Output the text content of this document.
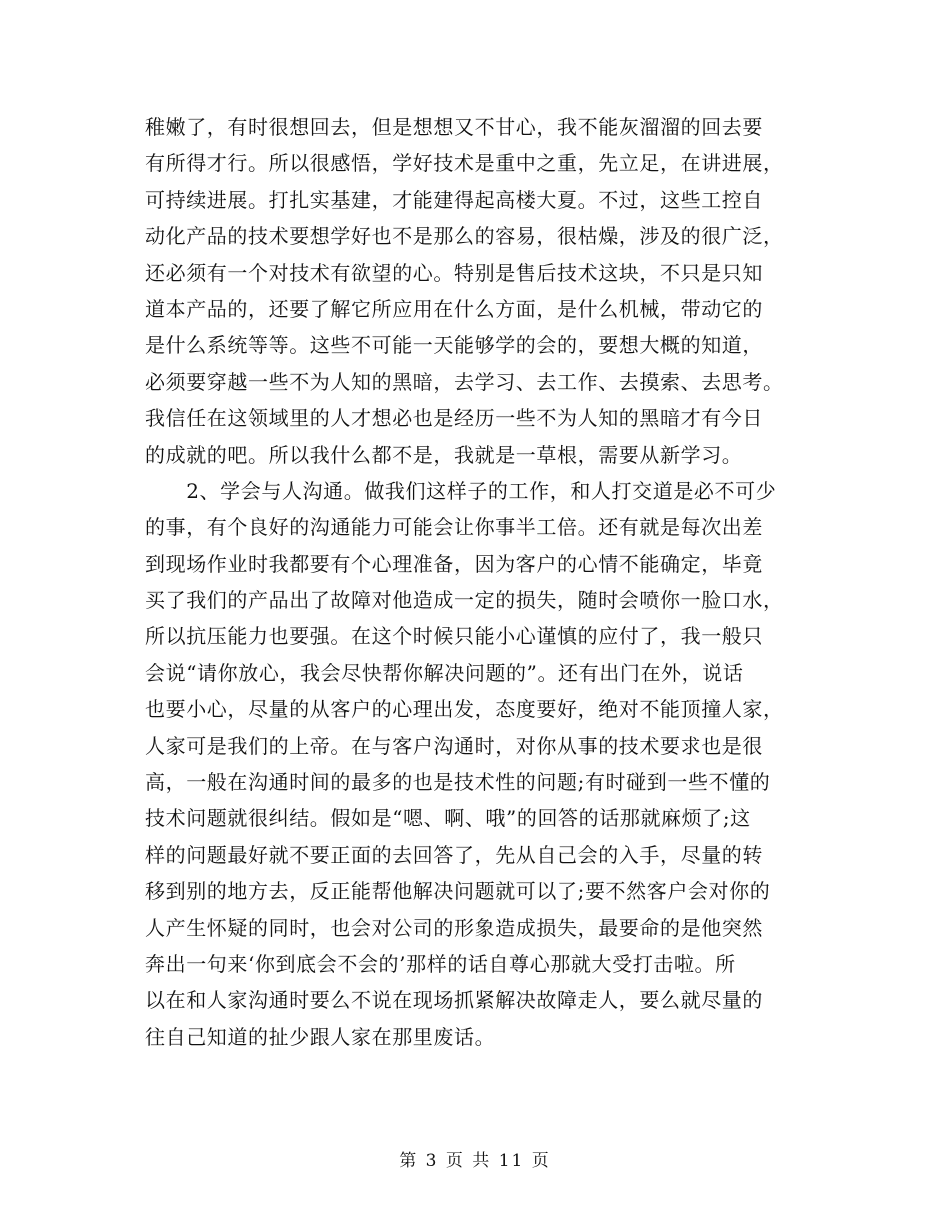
稚嫩了，有时很想回去，但是想想又不甘心，我不能灰溜溜的回去要
有所得才行。所以很感悟，学好技术是重中之重，先立足，在讲进展，
可持续进展。打扎实基建，才能建得起高楼大夏。不过，这些工控自
动化产品的技术要想学好也不是那么的容易，很枯燥，涉及的很广泛，
还必须有一个对技术有欲望的心。特别是售后技术这块，不只是只知
道本产品的，还要了解它所应用在什么方面，是什么机械，带动它的
是什么系统等等。这些不可能一天能够学的会的，要想大概的知道，
必须要穿越一些不为人知的黑暗，去学习、去工作、去摸索、去思考。
我信任在这领域里的人才想必也是经历一些不为人知的黑暗才有今日
的成就的吧。所以我什么都不是，我就是一草根，需要从新学习。
　　2、学会与人沟通。做我们这样子的工作，和人打交道是必不可少
的事，有个良好的沟通能力可能会让你事半工倍。还有就是每次出差
到现场作业时我都要有个心理准备，因为客户的心情不能确定，毕竟
买了我们的产品出了故障对他造成一定的损失，随时会喷你一脸口水，
所以抗压能力也要强。在这个时候只能小心谨慎的应付了，我一般只
会说“请你放心，我会尽快帮你解决问题的”。还有出门在外，说话
也要小心，尽量的从客户的心理出发，态度要好，绝对不能顶撞人家，
人家可是我们的上帝。在与客户沟通时，对你从事的技术要求也是很
高，一般在沟通时间的最多的也是技术性的问题;有时碰到一些不懂的
技术问题就很纠结。假如是“嗯、啊、哦”的回答的话那就麻烦了;这
样的问题最好就不要正面的去回答了，先从自己会的入手，尽量的转
移到别的地方去，反正能帮他解决问题就可以了;要不然客户会对你的
人产生怀疑的同时，也会对公司的形象造成损失，最要命的是他突然
奔出一句来‘你到底会不会的’那样的话自尊心那就大受打击啦。所
以在和人家沟通时要么不说在现场抓紧解决故障走人，要么就尽量的
往自己知道的扯少跟人家在那里废话。
第 3 页 共 11 页
